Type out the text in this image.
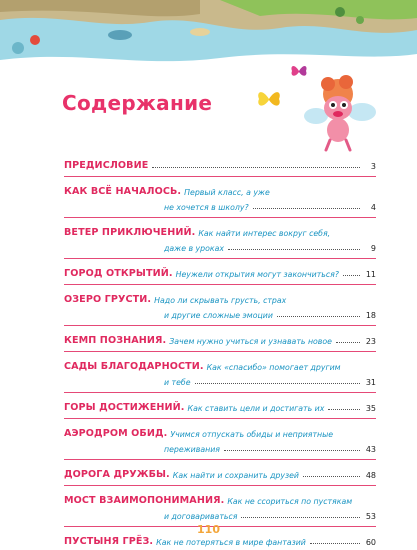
Содержание
ПРЕДИСЛОВИЕ	3
КАК ВСЁ НАЧАЛОСЬ. Первый класс, а уже
не хочется в школу?	4
ВЕТЕР ПРИКЛЮЧЕНИЙ. Как найти интерес вокруг себя,
даже в уроках	9
ГОРОД ОТКРЫТИЙ. Неужели открытия могут закончиться?	11
ОЗЕРО ГРУСТИ. Надо ли скрывать грусть, страх
и другие сложные эмоции	18
КЕМП ПОЗНАНИЯ. Зачем нужно учиться и узнавать новое	23
САДЫ БЛАГОДАРНОСТИ. Как «спасибо» помогает другим
и тебе	31
ГОРЫ ДОСТИЖЕНИЙ. Как ставить цели и достигать их	35
АЭРОДРОМ ОБИД. Учимся отпускать обиды и неприятные
переживания	43
ДОРОГА ДРУЖБЫ. Как найти и сохранить друзей	48
МОСТ ВЗАИМОПОНИМАНИЯ. Как не ссориться по пустякам
и договариваться	53
ПУСТЫНЯ ГРЁЗ. Как не потеряться в мире фантазий	60
110
